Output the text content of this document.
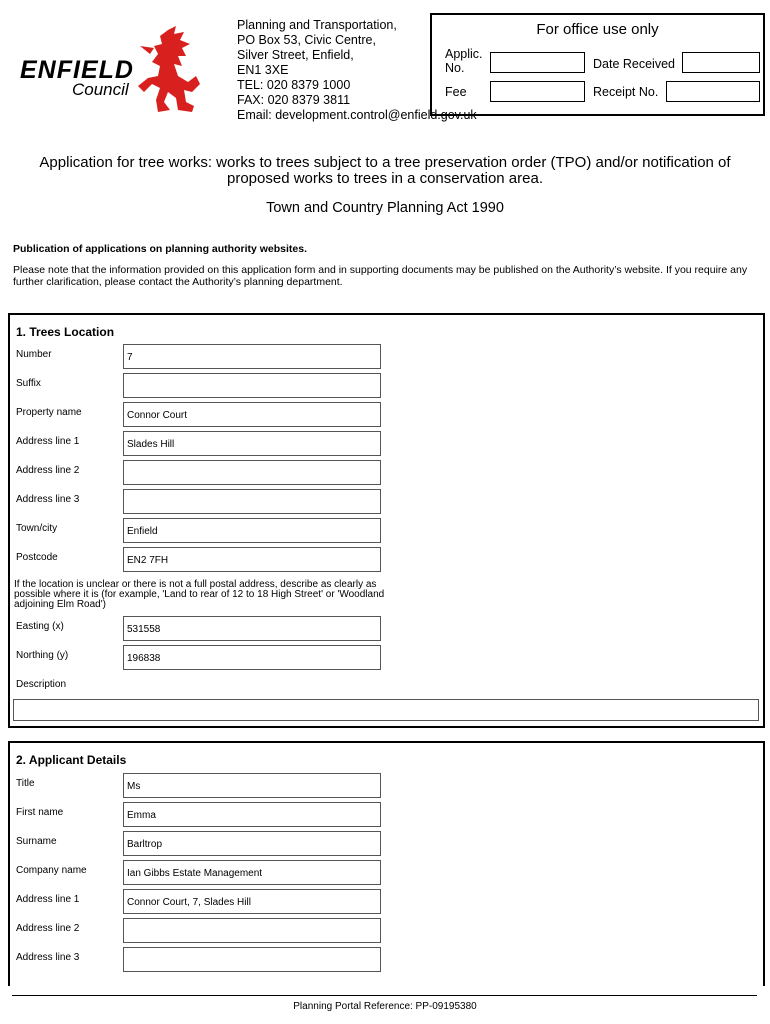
ENFIELD
Council
Planning and Transportation,
PO Box 53, Civic Centre,
Silver Street, Enfield,
EN1 3XE
TEL: 020 8379 1000
FAX: 020 8379 3811
Email: development.control@enfield.gov.uk
For office use only
Applic.
No.	Date Received
Fee	Receipt No.
Application for tree works: works to trees subject to a tree preservation order (TPO) and/or notification of
proposed works to trees in a conservation area.
Town and Country Planning Act 1990
Publication of applications on planning authority websites.
Please note that the information provided on this application form and in supporting documents may be published on the Authority’s website. If you require any further clarification, please contact the Authority’s planning department.
1. Trees Location
Number	7
Suffix
Property name	Connor Court
Address line 1	Slades Hill
Address line 2
Address line 3
Town/city	Enfield
Postcode	EN2 7FH
If the location is unclear or there is not a full postal address, describe as clearly as possible where it is (for example, 'Land to rear of 12 to 18 High Street' or 'Woodland adjoining Elm Road')
Easting (x)	531558
Northing (y)	196838
Description
2. Applicant Details
Title	Ms
First name	Emma
Surname	Barltrop
Company name	Ian Gibbs Estate Management
Address line 1	Connor Court, 7, Slades Hill
Address line 2
Address line 3
Planning Portal Reference: PP-09195380
